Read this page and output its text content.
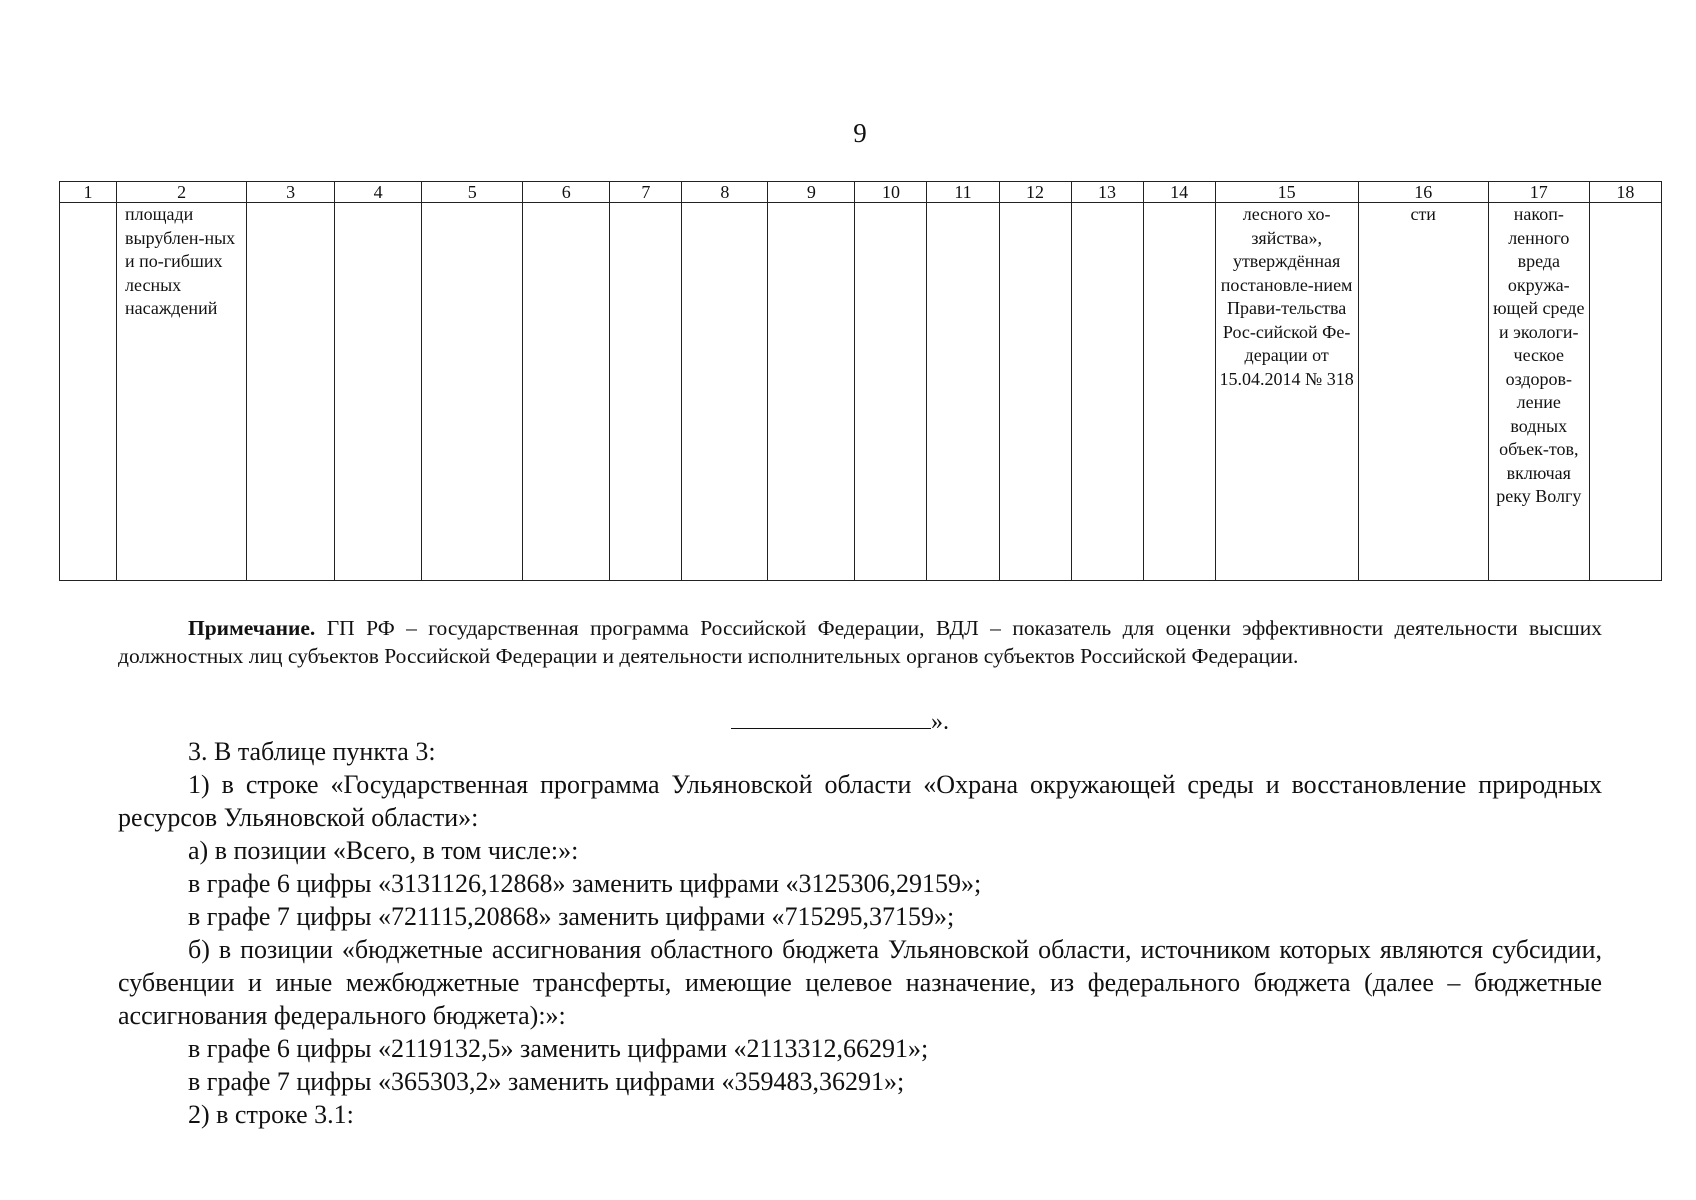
9
1	2	3	4	5	6	7	8	9	10	11	12	13	14	15	16	17	18
	площади вырублен-ных и по-гибших лесных насаждений													лесного хо-зяйства», утверждённая постановле-нием Прави-тельства Рос-сийской Фе-дерации от 15.04.2014 № 318	сти	накоп-ленного вреда окружа-ющей среде и экологи-ческое оздоров-ление водных объек-тов, включая реку Волгу	
Примечание. ГП РФ – государственная программа Российской Федерации, ВДЛ – показатель для оценки эффективности деятельности высших должностных лиц субъектов Российской Федерации и деятельности исполнительных органов субъектов Российской Федерации.
».

3. В таблице пункта 3:

1) в строке «Государственная программа Ульяновской области «Охрана окружающей среды и восстановление природных ресурсов Ульяновской области»:

а) в позиции «Всего, в том числе:»:

в графе 6 цифры «3131126,12868» заменить цифрами «3125306,29159»;

в графе 7 цифры «721115,20868» заменить цифрами «715295,37159»;

б) в позиции «бюджетные ассигнования областного бюджета Ульяновской области, источником которых являются субсидии, субвенции и иные межбюджетные трансферты, имеющие целевое назначение, из федерального бюджета (далее – бюджетные ассигнования федерального бюджета):»:

в графе 6 цифры «2119132,5» заменить цифрами «2113312,66291»;

в графе 7 цифры «365303,2» заменить цифрами «359483,36291»;

2) в строке 3.1:
